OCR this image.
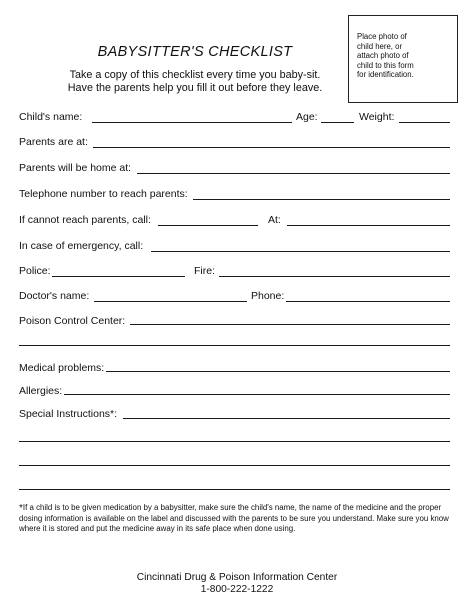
BABYSITTER'S CHECKLIST
Take a copy of this checklist every time you baby-sit.
Have the parents help you fill it out before they leave.
Place photo of
child here, or
attach photo of
child to this form
for identification.
Child's name:	Age:	Weight:
Parents are at:
Parents will be home at:
Telephone number to reach parents:
If cannot reach parents, call:	At:
In case of emergency, call:
Police:	Fire:
Doctor's name:	Phone:
Poison Control Center:
Medical problems:
Allergies:
Special Instructions*:
*If a child is to be given medication by a babysitter, make sure the child's name, the name of the medicine and the proper dosing information is available on the label and discussed with the parents to be sure you understand. Make sure you know where it is stored and put the medicine away in its safe place when done using.
Cincinnati Drug & Poison Information Center
1-800-222-1222
